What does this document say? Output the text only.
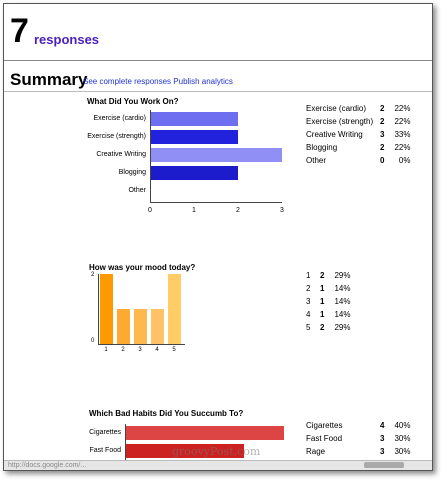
7 responses
Summary
See complete responses Publish analytics
What Did You Work On?
Exercise (cardio)
Exercise (strength)
Creative Writing
Blogging
Other
0	1	2	3
Exercise (cardio)	2	22%
Exercise (strength)	2	22%
Creative Writing	3	33%
Blogging	2	22%
Other	0	0%
How was your mood today?
2
0
1	2	3	4	5
1	2	29%
2	1	14%
3	1	14%
4	1	14%
5	2	29%
Which Bad Habits Did You Succumb To?
Cigarettes
Fast Food
Cigarettes	4	40%
Fast Food	3	30%
Rage	3	30%

groovyPost.com
http://docs.google.com/...
